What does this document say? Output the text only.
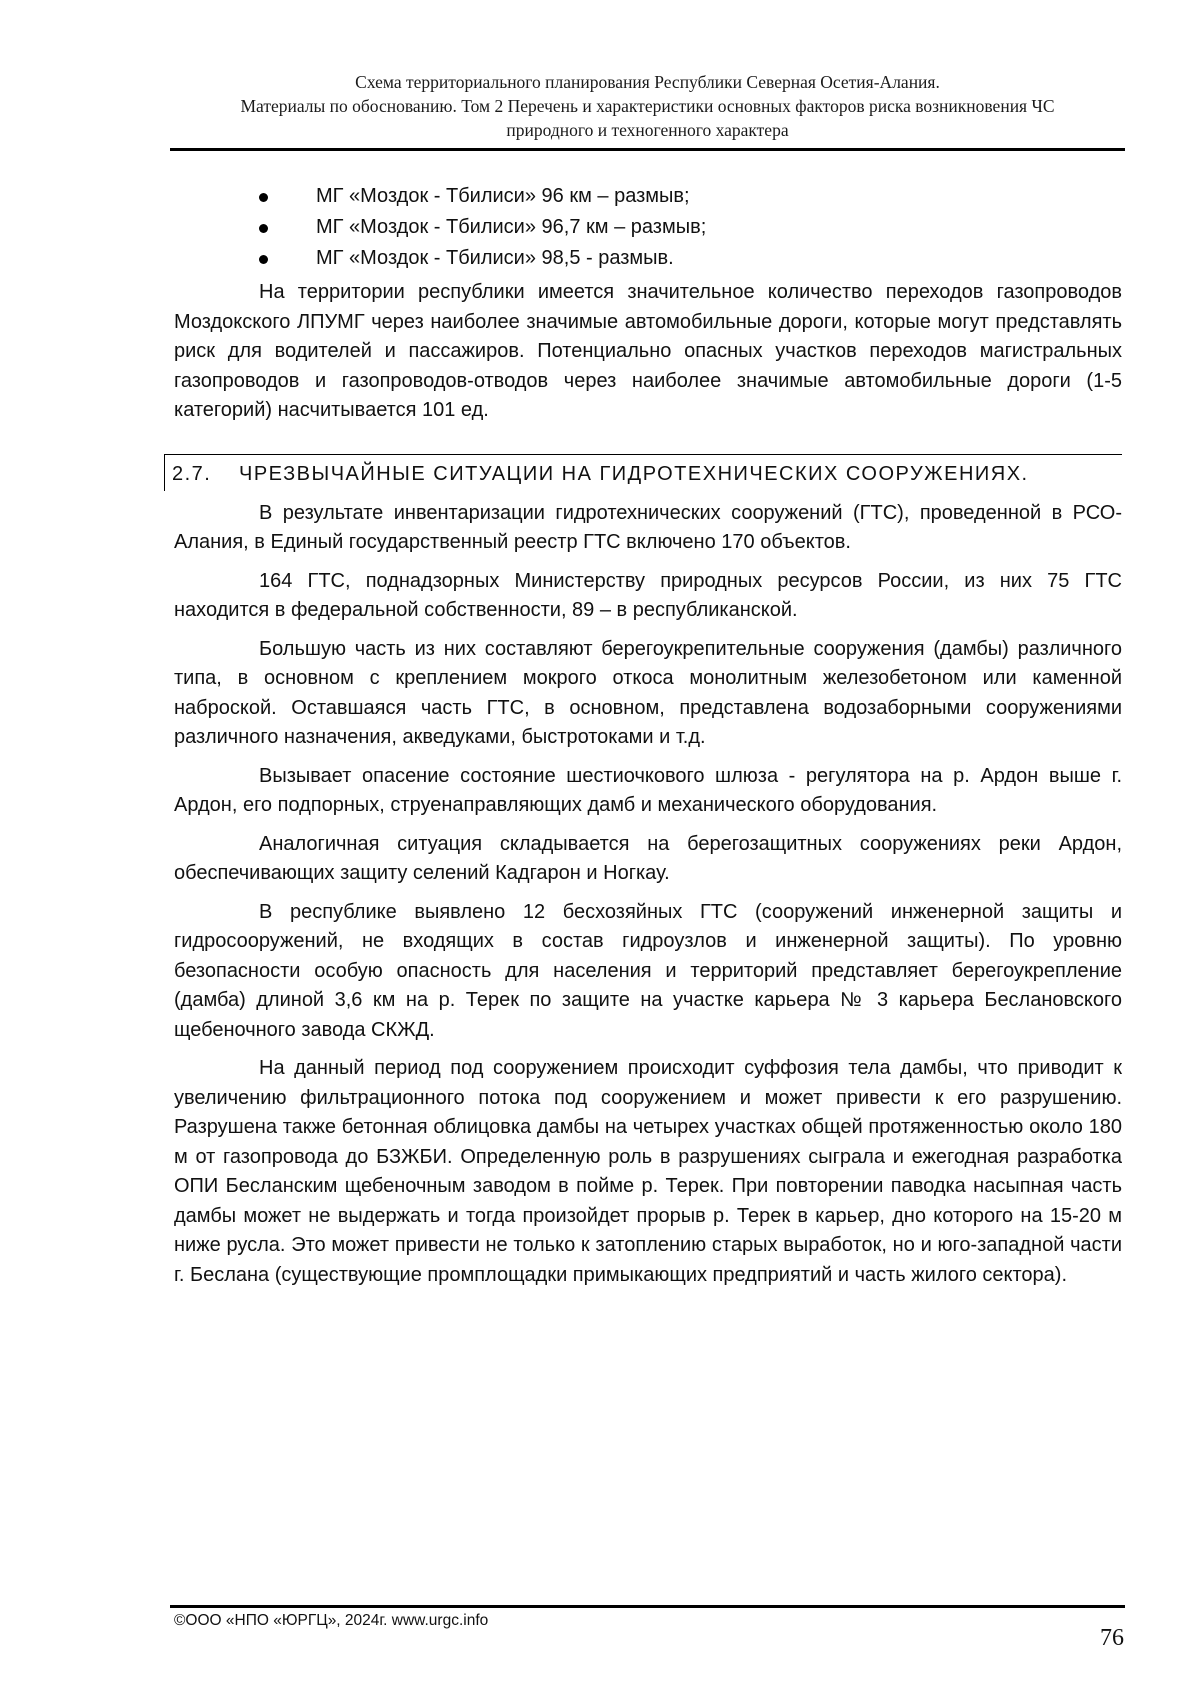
Схема территориального планирования Республики Северная Осетия-Алания.
Материалы по обоснованию. Том 2 Перечень и характеристики основных факторов риска возникновения ЧС
природного и техногенного характера
МГ «Моздок - Тбилиси» 96 км – размыв;
МГ «Моздок - Тбилиси» 96,7 км – размыв;
МГ «Моздок - Тбилиси» 98,5 - размыв.

На территории республики имеется значительное количество переходов газопроводов Моздокского ЛПУМГ через наиболее значимые автомобильные дороги, которые могут представлять риск для водителей и пассажиров. Потенциально опасных участков переходов магистральных газопроводов и газопроводов-отводов через наиболее значимые автомобильные дороги (1-5 категорий) насчитывается 101 ед.

2.7. ЧРЕЗВЫЧАЙНЫЕ СИТУАЦИИ НА ГИДРОТЕХНИЧЕСКИХ СООРУЖЕНИЯХ.

В результате инвентаризации гидротехнических сооружений (ГТС), проведенной в РСО-Алания, в Единый государственный реестр ГТС включено 170 объектов.

164 ГТС, поднадзорных Министерству природных ресурсов России, из них 75 ГТС находится в федеральной собственности, 89 – в республиканской.

Большую часть из них составляют берегоукрепительные сооружения (дамбы) различного типа, в основном с креплением мокрого откоса монолитным железобетоном или каменной наброской. Оставшаяся часть ГТС, в основном, представлена водозаборными сооружениями различного назначения, акведуками, быстротоками и т.д.

Вызывает опасение состояние шестиочкового шлюза - регулятора на р. Ардон выше г. Ардон, его подпорных, струенаправляющих дамб и механического оборудования.

Аналогичная ситуация складывается на берегозащитных сооружениях реки Ардон, обеспечивающих защиту селений Кадгарон и Ногкау.

В республике выявлено 12 бесхозяйных ГТС (сооружений инженерной защиты и гидросооружений, не входящих в состав гидроузлов и инженерной защиты). По уровню безопасности особую опасность для населения и территорий представляет берегоукрепление (дамба) длиной 3,6 км на р. Терек по защите на участке карьера № 3 карьера Беслановского щебеночного завода СКЖД.

На данный период под сооружением происходит суффозия тела дамбы, что приводит к увеличению фильтрационного потока под сооружением и может привести к его разрушению. Разрушена также бетонная облицовка дамбы на четырех участках общей протяженностью около 180 м от газопровода до БЗЖБИ. Определенную роль в разрушениях сыграла и ежегодная разработка ОПИ Бесланским щебеночным заводом в пойме р. Терек. При повторении паводка насыпная часть дамбы может не выдержать и тогда произойдет прорыв р. Терек в карьер, дно которого на 15-20 м ниже русла. Это может привести не только к затоплению старых выработок, но и юго-западной части г. Беслана (существующие промплощадки примыкающих предприятий и часть жилого сектора).

©ООО «НПО «ЮРГЦ», 2024г. www.urgc.info
76
